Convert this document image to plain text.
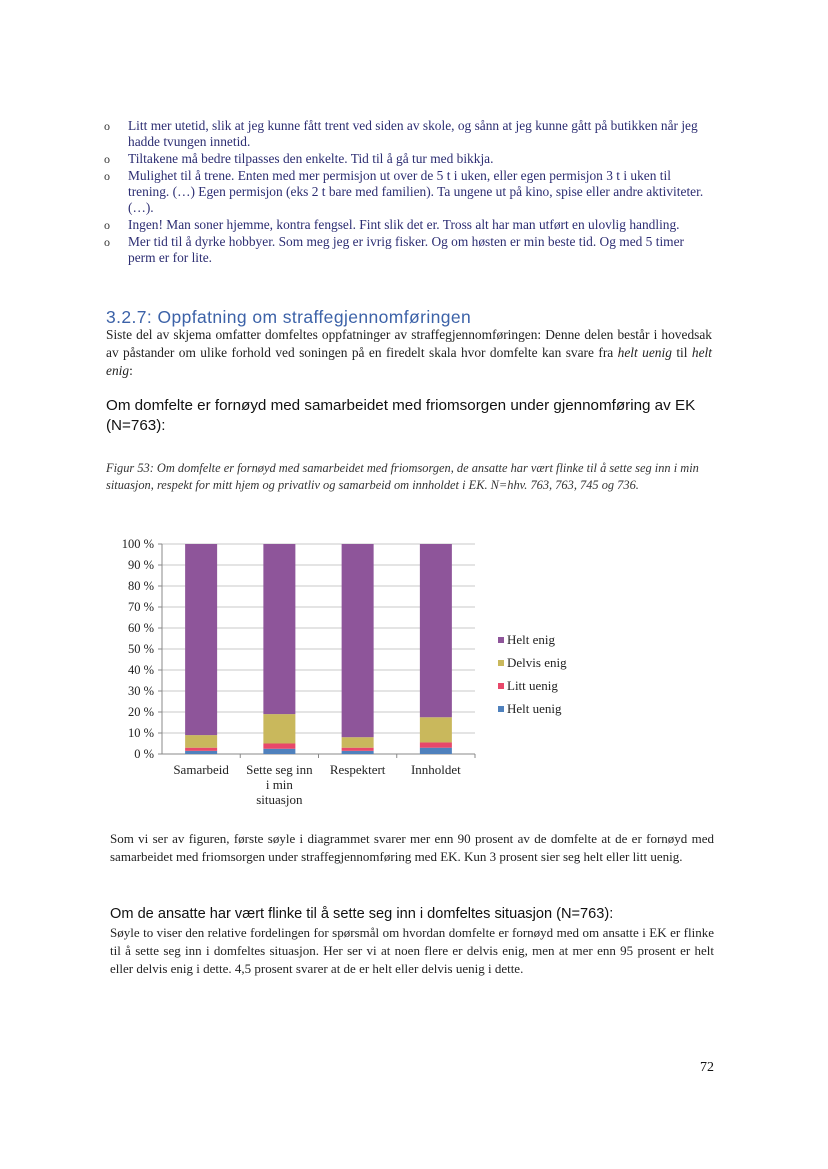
o Litt mer utetid, slik at jeg kunne fått trent ved siden av skole, og sånn at jeg kunne gått på butikken når jeg hadde tvungen innetid.
o Tiltakene må bedre tilpasses den enkelte. Tid til å gå tur med bikkja.
o Mulighet til å trene. Enten med mer permisjon ut over de 5 t i uken, eller egen permisjon 3 t i uken til trening. (…) Egen permisjon (eks 2 t bare med familien). Ta ungene ut på kino, spise eller andre aktiviteter. (…).
o Ingen! Man soner hjemme, kontra fengsel. Fint slik det er. Tross alt har man utført en ulovlig handling.
o Mer tid til å dyrke hobbyer. Som meg jeg er ivrig fisker. Og om høsten er min beste tid. Og med 5 timer perm er for lite.
3.2.7: Oppfatning om straffegjennomføringen

Siste del av skjema omfatter domfeltes oppfatninger av straffegjennomføringen: Denne delen består i hovedsak av påstander om ulike forhold ved soningen på en firedelt skala hvor domfelte kan svare fra helt uenig til helt enig:

Om domfelte er fornøyd med samarbeidet med friomsorgen under gjennomføring av EK (N=763):

Figur 53: Om domfelte er fornøyd med samarbeidet med friomsorgen, de ansatte har vært flinke til å sette seg inn i min situasjon, respekt for mitt hjem og privatliv og samarbeid om innholdet i EK. N=hhv. 763, 763, 745 og 736.

0 %
10 %
20 %
30 %
40 %
50 %
60 %
70 %
80 %
90 %
100 %
Samarbeid Sette seg inn
i min
situasjon
Respektert Innholdet
Helt enig
Delvis enig
Litt uenig
Helt uenig

Som vi ser av figuren, første søyle i diagrammet svarer mer enn 90 prosent av de domfelte at de er fornøyd med samarbeidet med friomsorgen under straffegjennomføring med EK. Kun 3 prosent sier seg helt eller litt uenig.

Om de ansatte har vært flinke til å sette seg inn i domfeltes situasjon (N=763):

Søyle to viser den relative fordelingen for spørsmål om hvordan domfelte er fornøyd med om ansatte i EK er flinke til å sette seg inn i domfeltes situasjon. Her ser vi at noen flere er delvis enig, men at mer enn 95 prosent er helt eller delvis enig i dette. 4,5 prosent svarer at de er helt eller delvis uenig i dette.

72
